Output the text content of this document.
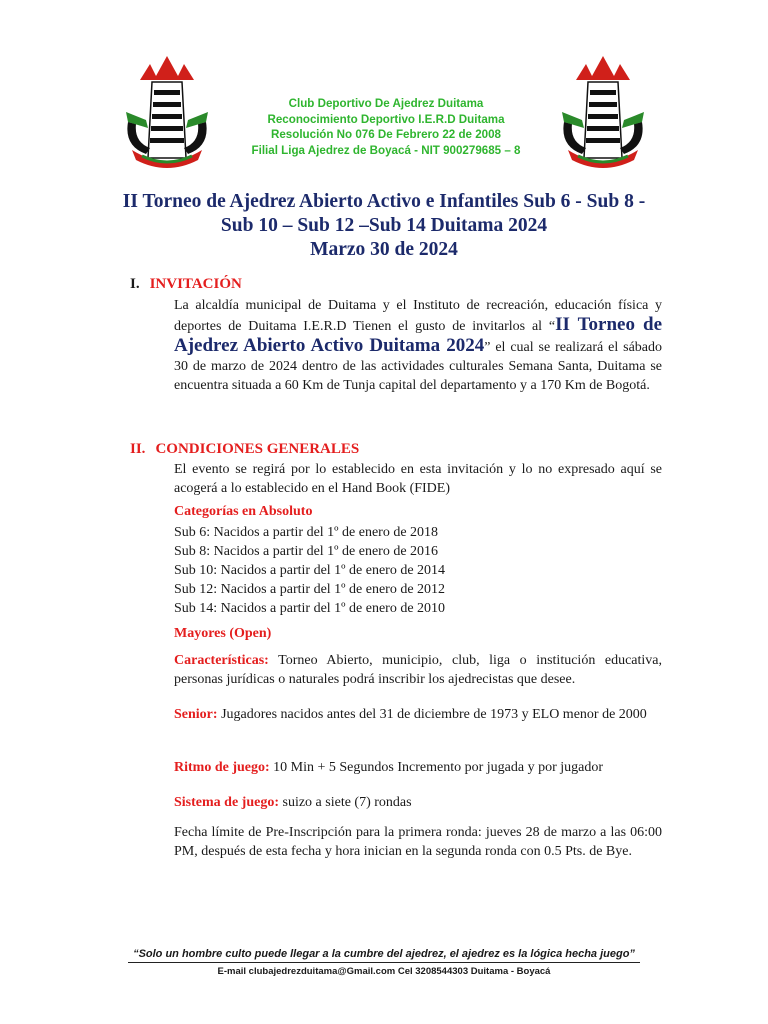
Club Deportivo De Ajedrez Duitama
Reconocimiento Deportivo I.E.R.D Duitama
Resolución No 076 De Febrero 22 de 2008
Filial Liga Ajedrez de Boyacá - NIT 900279685 – 8
II Torneo de Ajedrez Abierto Activo e Infantiles Sub 6 - Sub 8 -
Sub 10 – Sub 12 –Sub 14 Duitama 2024
Marzo 30 de 2024
I. INVITACIÓN
La alcaldía municipal de Duitama y el Instituto de recreación, educación física y deportes de Duitama I.E.R.D Tienen el gusto de invitarlos al “II Torneo de Ajedrez Abierto Activo Duitama 2024” el cual se realizará el sábado 30 de marzo de 2024 dentro de las actividades culturales Semana Santa, Duitama se encuentra situada a 60 Km de Tunja capital del departamento y a 170 Km de Bogotá.
II. CONDICIONES GENERALES
El evento se regirá por lo establecido en esta invitación y lo no expresado aquí se acogerá a lo establecido en el Hand Book (FIDE)
Categorías en Absoluto
Sub 6: Nacidos a partir del 1º de enero de 2018
Sub 8: Nacidos a partir del 1º de enero de 2016
Sub 10: Nacidos a partir del 1º de enero de 2014
Sub 12: Nacidos a partir del 1º de enero de 2012
Sub 14: Nacidos a partir del 1º de enero de 2010
Mayores (Open)
Características: Torneo Abierto, municipio, club, liga o institución educativa, personas jurídicas o naturales podrá inscribir los ajedrecistas que desee.
Senior: Jugadores nacidos antes del 31 de diciembre de 1973 y ELO menor de 2000
Ritmo de juego: 10 Min + 5 Segundos Incremento por jugada y por jugador
Sistema de juego: suizo a siete (7) rondas
Fecha límite de Pre-Inscripción para la primera ronda: jueves 28 de marzo a las 06:00 PM, después de esta fecha y hora inician en la segunda ronda con 0.5 Pts. de Bye.
“Solo un hombre culto puede llegar a la cumbre del ajedrez, el ajedrez es la lógica hecha juego”
E-mail clubajedrezduitama@Gmail.com Cel 3208544303 Duitama - Boyacá
